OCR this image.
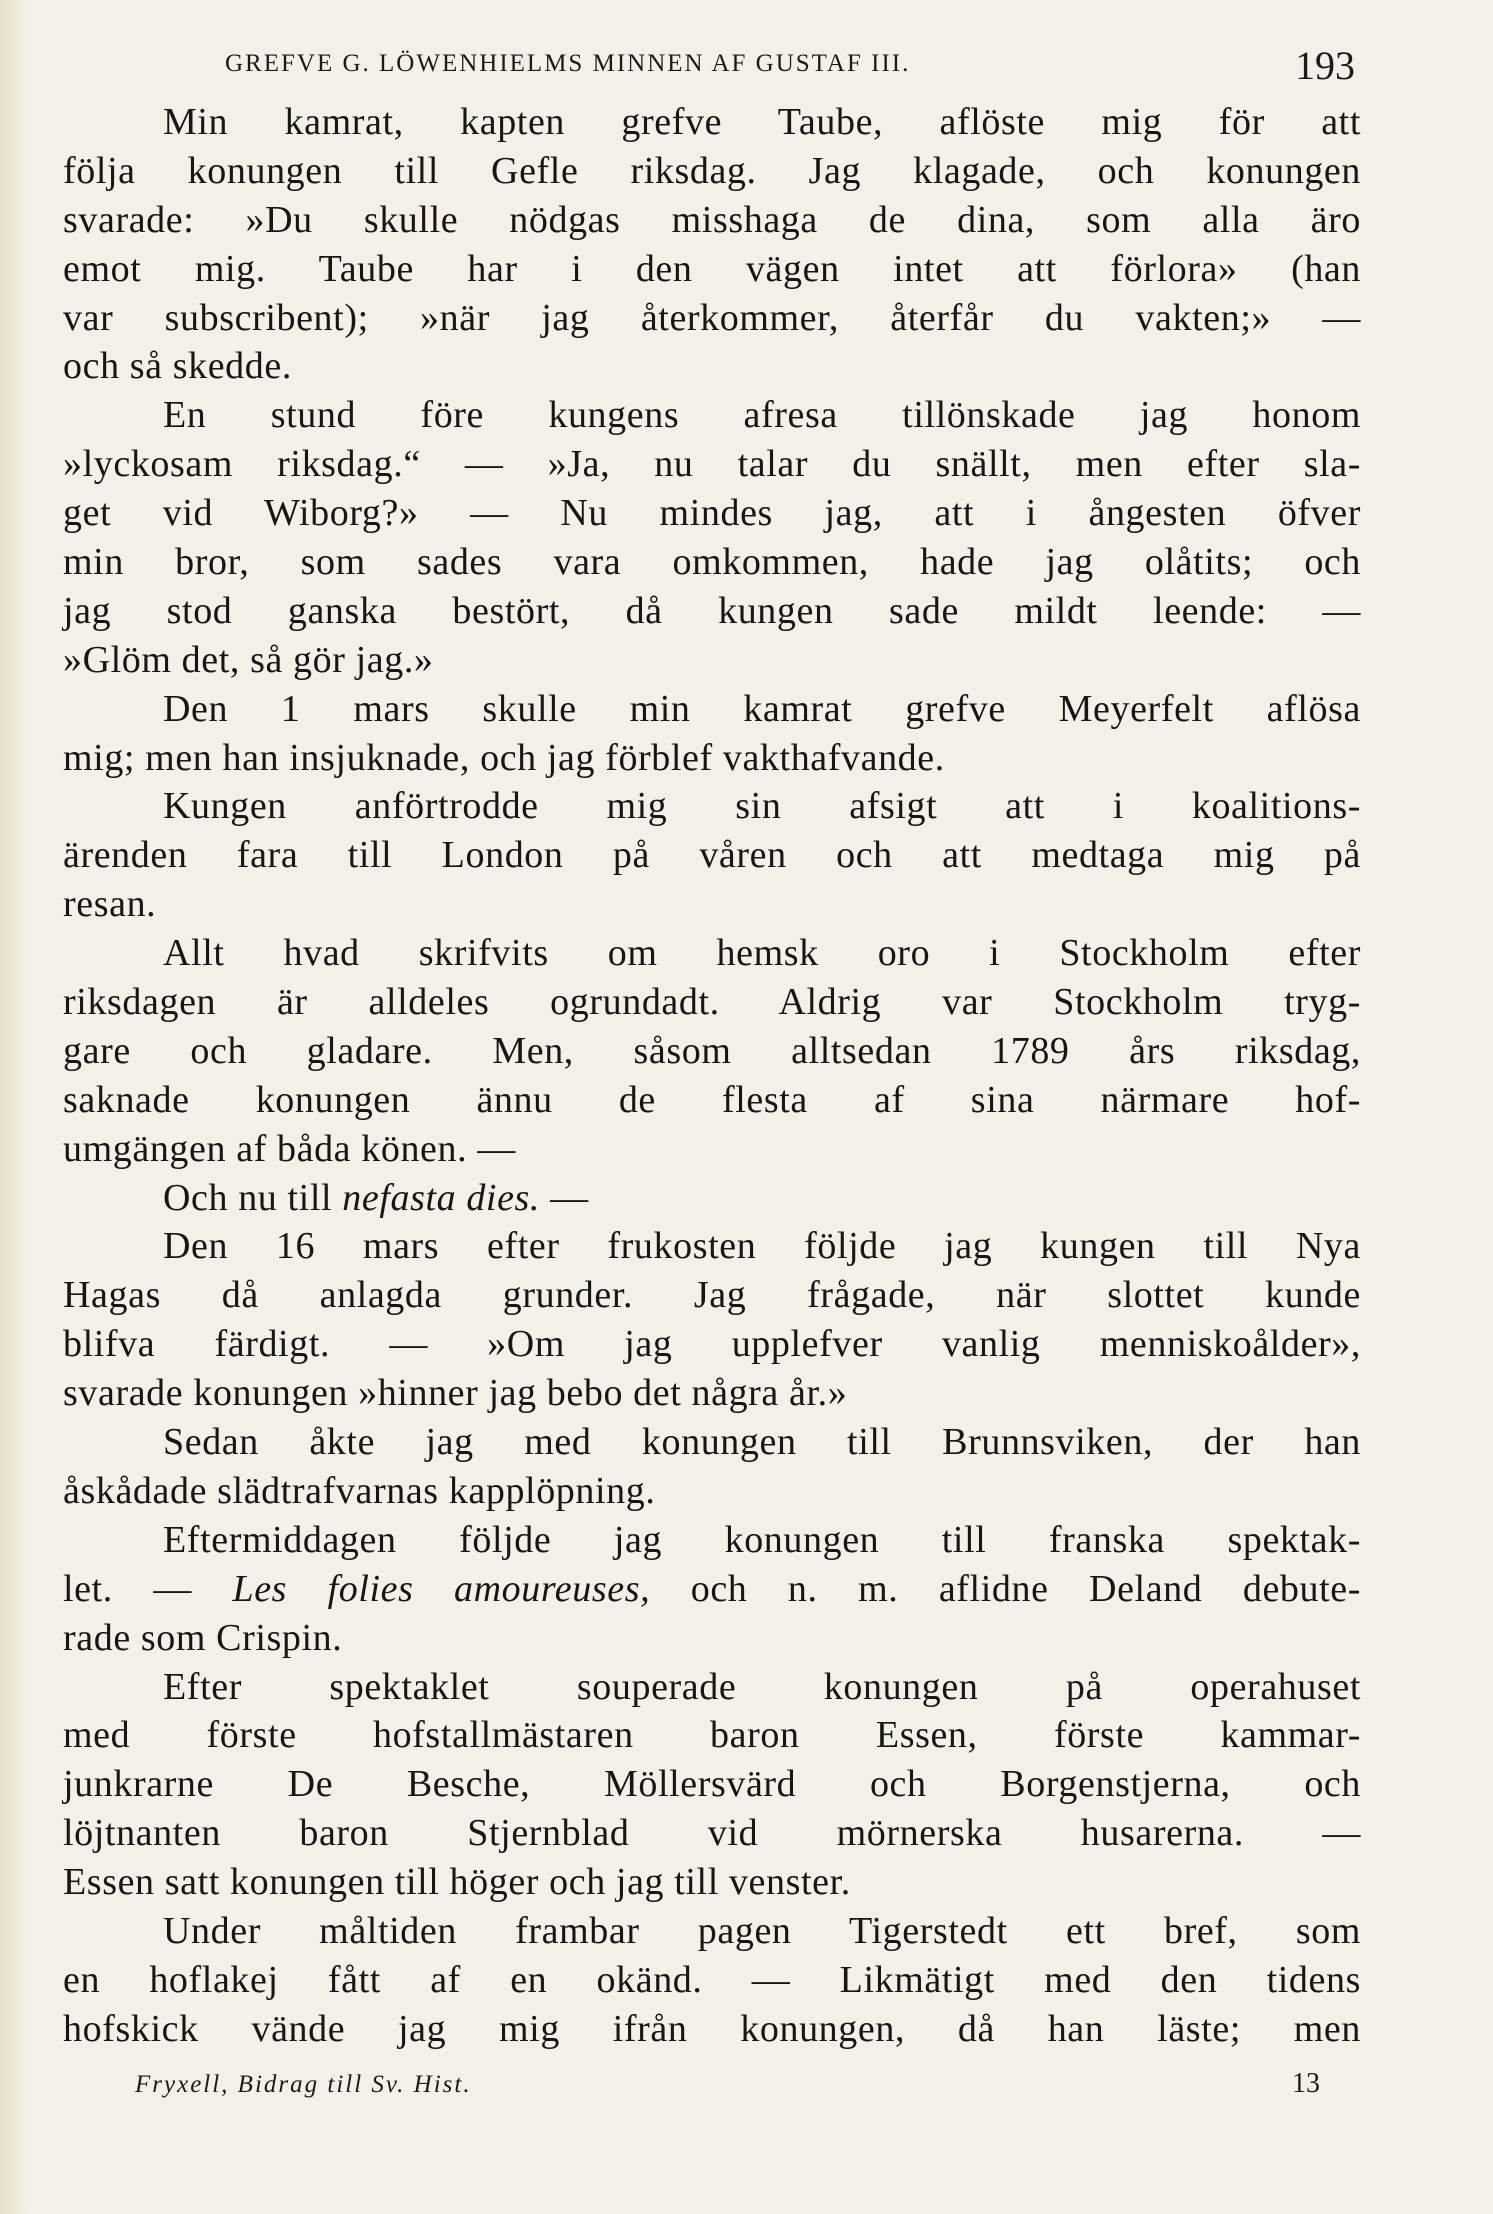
GREFVE G. LÖWENHIELMS MINNEN AF GUSTAF III.	193
Min kamrat, kapten grefve Taube, aflöste mig för att
följa konungen till Gefle riksdag. Jag klagade, och konungen
svarade: »Du skulle nödgas misshaga de dina, som alla äro
emot mig. Taube har i den vägen intet att förlora» (han
var subscribent); »när jag återkommer, återfår du vakten;» —
och så skedde.
En stund före kungens afresa tillönskade jag honom
»lyckosam riksdag.“ — »Ja, nu talar du snällt, men efter sla-
get vid Wiborg?» — Nu mindes jag, att i ångesten öfver
min bror, som sades vara omkommen, hade jag olåtits; och
jag stod ganska bestört, då kungen sade mildt leende: —
»Glöm det, så gör jag.»
Den 1 mars skulle min kamrat grefve Meyerfelt aflösa
mig; men han insjuknade, och jag förblef vakthafvande.
Kungen anförtrodde mig sin afsigt att i koalitions-
ärenden fara till London på våren och att medtaga mig på
resan.
Allt hvad skrifvits om hemsk oro i Stockholm efter
riksdagen är alldeles ogrundadt. Aldrig var Stockholm tryg-
gare och gladare. Men, såsom alltsedan 1789 års riksdag,
saknade konungen ännu de flesta af sina närmare hof-
umgängen af båda könen. —
Och nu till nefasta dies. —
Den 16 mars efter frukosten följde jag kungen till Nya
Hagas då anlagda grunder. Jag frågade, när slottet kunde
blifva färdigt. — »Om jag upplefver vanlig menniskoålder»,
svarade konungen »hinner jag bebo det några år.»
Sedan åkte jag med konungen till Brunnsviken, der han
åskådade slädtrafvarnas kapplöpning.
Eftermiddagen följde jag konungen till franska spektak-
let. — Les folies amoureuses, och n. m. aflidne Deland debute-
rade som Crispin.
Efter spektaklet souperade konungen på operahuset
med förste hofstallmästaren baron Essen, förste kammar-
junkrarne De Besche, Möllersvärd och Borgenstjerna, och
löjtnanten baron Stjernblad vid mörnerska husarerna. —
Essen satt konungen till höger och jag till venster.
Under måltiden frambar pagen Tigerstedt ett bref, som
en hoflakej fått af en okänd. — Likmätigt med den tidens
hofskick vände jag mig ifrån konungen, då han läste; men
Fryxell, Bidrag till Sv. Hist.	13
